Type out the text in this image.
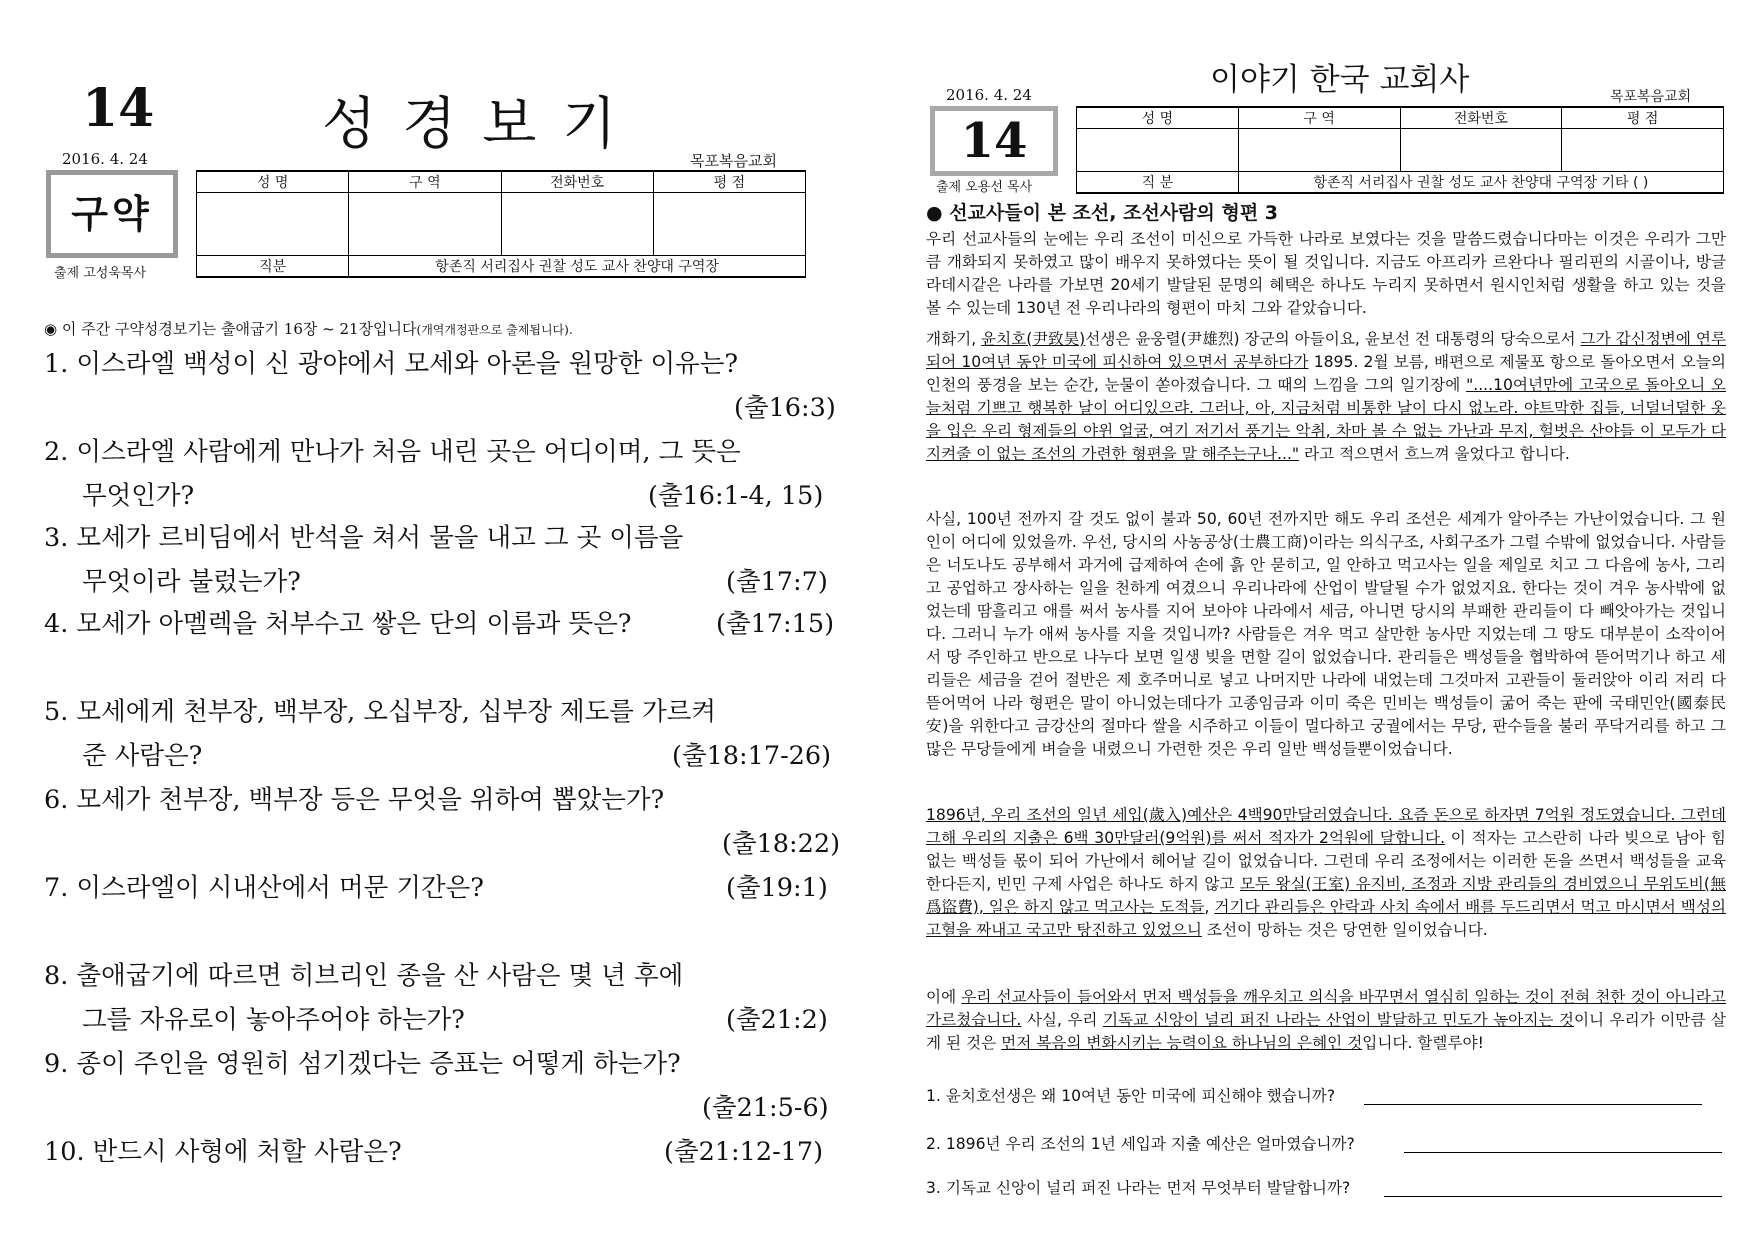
14	성경보기
2016. 4. 24	목포복음교회
구약
출제 고성욱목사
성 명	구 역	전화번호	평 점

직분	항존직 서리집사 권찰 성도 교사 찬양대 구역장		
◉ 이 주간 구약성경보기는 출애굽기 16장 ~ 21장입니다(개역개정판으로 출제됩니다).
1. 이스라엘 백성이 신 광야에서 모세와 아론을 원망한 이유는?
(출16:3)
2. 이스라엘 사람에게 만나가 처음 내린 곳은 어디이며, 그 뜻은
무엇인가?	(출16:1-4, 15)
3. 모세가 르비딤에서 반석을 쳐서 물을 내고 그 곳 이름을
무엇이라 불렀는가?	(출17:7)
4. 모세가 아멜렉을 처부수고 쌓은 단의 이름과 뜻은?	(출17:15)
5. 모세에게 천부장, 백부장, 오십부장, 십부장 제도를 가르켜
준 사람은?	(출18:17-26)
6. 모세가 천부장, 백부장 등은 무엇을 위하여 뽑았는가?
(출18:22)
7. 이스라엘이 시내산에서 머문 기간은?	(출19:1)
8. 출애굽기에 따르면 히브리인 종을 산 사람은 몇 년 후에
그를 자유로이 놓아주어야 하는가?	(출21:2)
9. 종이 주인을 영원히 섬기겠다는 증표는 어떻게 하는가?
(출21:5-6)
10. 반드시 사형에 처할 사람은?	(출21:12-17)
이야기 한국 교회사
2016. 4. 24	목포복음교회
14
출제 오용선 목사
성 명	구 역	전화번호	평 점

직 분	항존직 서리집사 권찰 성도 교사 찬양대 구역장 기타 ( )		
● 선교사들이 본 조선, 조선사람의 형편 3
우리 선교사들의 눈에는 우리 조선이 미신으로 가득한 나라로 보였다는 것을 말씀드렸습니다마는 이것은 우리가 그만큼 개화되지 못하였고 많이 배우지 못하였다는 뜻이 될 것입니다. 지금도 아프리카 르완다나 필리핀의 시골이나, 방글라데시같은 나라를 가보면 20세기 발달된 문명의 혜택은 하나도 누리지 못하면서 원시인처럼 생활을 하고 있는 것을 볼 수 있는데 130년 전 우리나라의 형편이 마치 그와 같았습니다.
개화기, 윤치호(尹致昊)선생은 윤웅렬(尹雄烈) 장군의 아들이요, 윤보선 전 대통령의 당숙으로서 그가 갑신정변에 연루되어 10여년 동안 미국에 피신하여 있으면서 공부하다가 1895. 2월 보름, 배편으로 제물포 항으로 돌아오면서 오늘의 인천의 풍경을 보는 순간, 눈물이 쏟아졌습니다. 그 때의 느낌을 그의 일기장에 "....10여년만에 고국으로 돌아오니 오늘처럼 기쁘고 행복한 날이 어디있으랴. 그러나, 아, 지금처럼 비통한 날이 다시 없노라. 야트막한 집들, 너덜너덜한 옷을 입은 우리 형제들의 야윈 얼굴, 여기 저기서 풍기는 악취, 차마 볼 수 없는 가난과 무지, 헐벗은 산야들 이 모두가 다 지켜줄 이 없는 조선의 가련한 형편을 말 해주는구나..." 라고 적으면서 흐느껴 울었다고 합니다.
사실, 100년 전까지 갈 것도 없이 불과 50, 60년 전까지만 해도 우리 조선은 세계가 알아주는 가난이었습니다. 그 원인이 어디에 있었을까. 우선, 당시의 사농공상(士農工商)이라는 의식구조, 사회구조가 그럴 수밖에 없었습니다. 사람들은 너도나도 공부해서 과거에 급제하여 손에 흙 안 묻히고, 일 안하고 먹고사는 일을 제일로 치고 그 다음에 농사, 그리고 공업하고 장사하는 일을 천하게 여겼으니 우리나라에 산업이 발달될 수가 없었지요. 한다는 것이 겨우 농사밖에 없었는데 땀흘리고 애를 써서 농사를 지어 보아야 나라에서 세금, 아니면 당시의 부패한 관리들이 다 빼앗아가는 것입니다. 그러니 누가 애써 농사를 지을 것입니까? 사람들은 겨우 먹고 살만한 농사만 지었는데 그 땅도 대부분이 소작이어서 땅 주인하고 반으로 나누다 보면 일생 빚을 면할 길이 없었습니다. 관리들은 백성들을 협박하여 뜯어먹기나 하고 세리들은 세금을 걷어 절반은 제 호주머니로 넣고 나머지만 나라에 내었는데 그것마저 고관들이 둘러앉아 이리 저리 다 뜯어먹어 나라 형편은 말이 아니었는데다가 고종임금과 이미 죽은 민비는 백성들이 굶어 죽는 판에 국태민안(國泰民安)을 위한다고 금강산의 절마다 쌀을 시주하고 이들이 멀다하고 궁궐에서는 무당, 판수들을 불러 푸닥거리를 하고 그 많은 무당들에게 벼슬을 내렸으니 가련한 것은 우리 일반 백성들뿐이었습니다.
1896년, 우리 조선의 일년 세입(歲入)예산은 4백90만달러였습니다. 요즘 돈으로 하자면 7억원 정도였습니다. 그런데 그해 우리의 지출은 6백 30만달러(9억원)를 써서 적자가 2억원에 달합니다. 이 적자는 고스란히 나라 빚으로 남아 힘없는 백성들 몫이 되어 가난에서 헤어날 길이 없었습니다. 그런데 우리 조정에서는 이러한 돈을 쓰면서 백성들을 교육한다든지, 빈민 구제 사업은 하나도 하지 않고 모두 왕실(王室) 유지비, 조정과 지방 관리들의 경비였으니 무위도비(無爲盜費), 일은 하지 않고 먹고사는 도적들, 거기다 관리들은 안락과 사치 속에서 배를 두드리면서 먹고 마시면서 백성의 고혈을 짜내고 국고만 탕진하고 있었으니 조선이 망하는 것은 당연한 일이었습니다.
이에 우리 선교사들이 들어와서 먼저 백성들을 깨우치고 의식을 바꾸면서 열심히 일하는 것이 전혀 천한 것이 아니라고 가르쳤습니다. 사실, 우리 기독교 신앙이 널리 퍼진 나라는 산업이 발달하고 민도가 높아지는 것이니 우리가 이만큼 살게 된 것은 먼저 복음의 변화시키는 능력이요 하나님의 은혜인 것입니다. 할렐루야!
1. 윤치호선생은 왜 10여년 동안 미국에 피신해야 했습니까?
2. 1896년 우리 조선의 1년 세입과 지출 예산은 얼마였습니까?
3. 기독교 신앙이 널리 퍼진 나라는 먼저 무엇부터 발달합니까?
